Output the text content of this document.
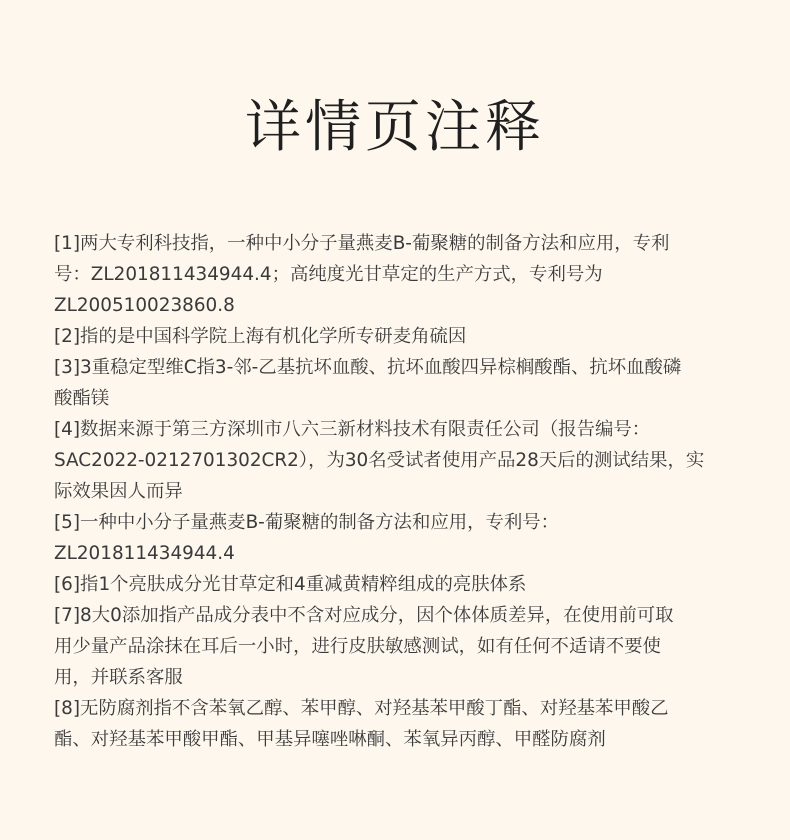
详情页注释
[1]两大专利科技指，一种中小分子量燕麦B-葡聚糖的制备方法和应用，专利
号：ZL201811434944.4；高纯度光甘草定的生产方式，专利号为
ZL200510023860.8
[2]指的是中国科学院上海有机化学所专研麦角硫因
[3]3重稳定型维C指3-邻-乙基抗坏血酸、抗坏血酸四异棕榈酸酯、抗坏血酸磷
酸酯镁
[4]数据来源于第三方深圳市八六三新材料技术有限责任公司（报告编号：
SAC2022-0212701302CR2），为30名受试者使用产品28天后的测试结果，实
际效果因人而异
[5]一种中小分子量燕麦B-葡聚糖的制备方法和应用，专利号：
ZL201811434944.4
[6]指1个亮肤成分光甘草定和4重减黄精粹组成的亮肤体系
[7]8大0添加指产品成分表中不含对应成分，因个体体质差异，在使用前可取
用少量产品涂抹在耳后一小时，进行皮肤敏感测试，如有任何不适请不要使
用，并联系客服
[8]无防腐剂指不含苯氧乙醇、苯甲醇、对羟基苯甲酸丁酯、对羟基苯甲酸乙
酯、对羟基苯甲酸甲酯、甲基异噻唑啉酮、苯氧异丙醇、甲醛防腐剂
